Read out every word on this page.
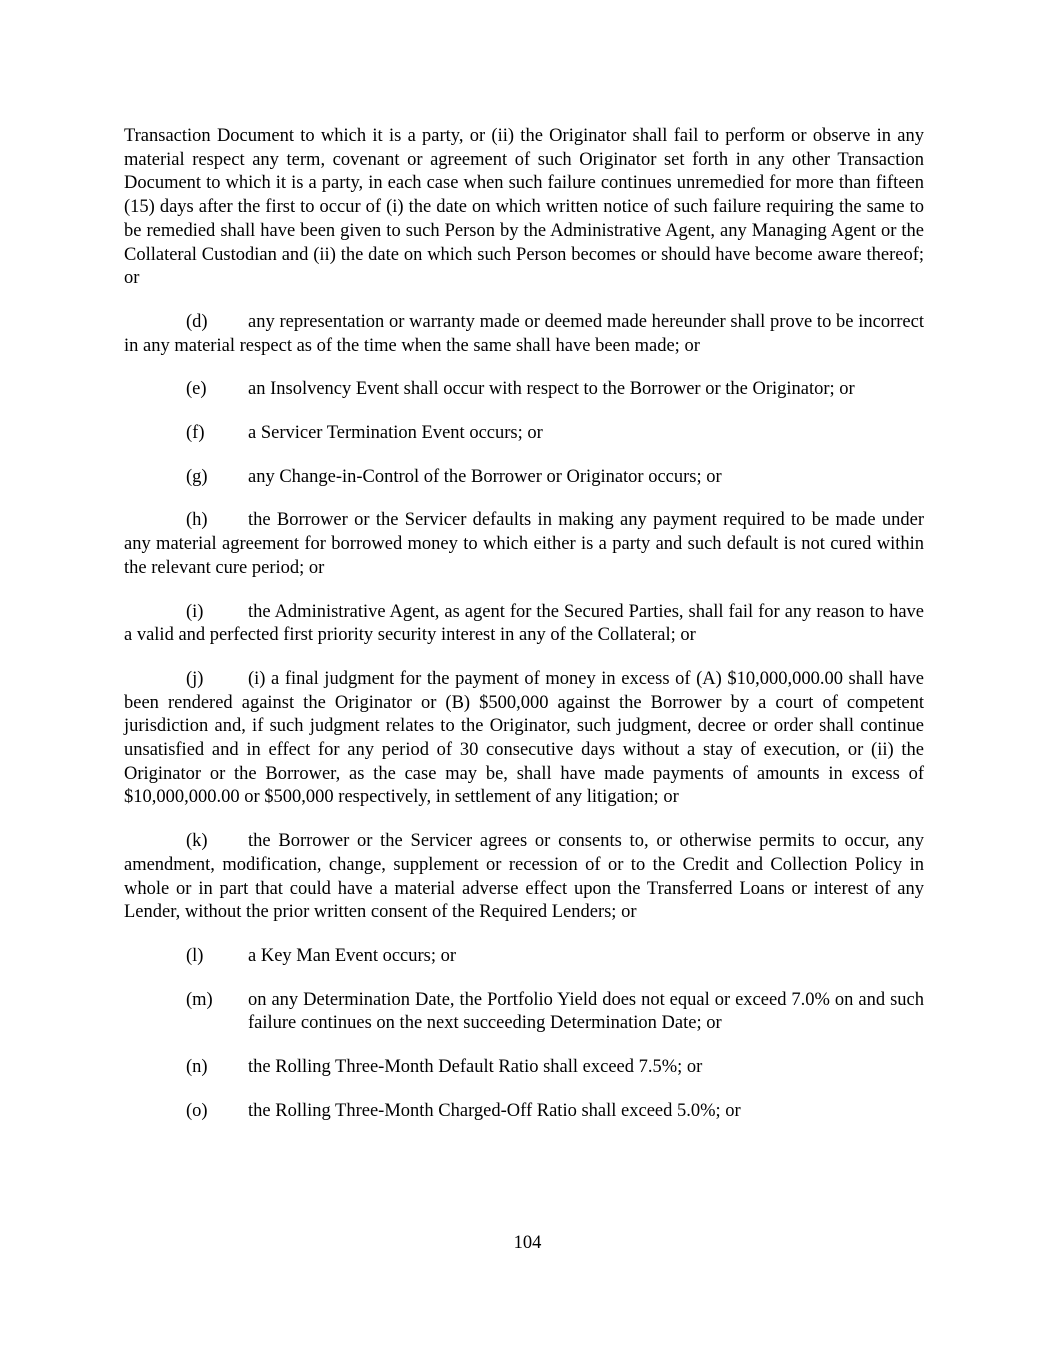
Transaction Document to which it is a party, or (ii) the Originator shall fail to perform or observe in any material respect any term, covenant or agreement of such Originator set forth in any other Transaction Document to which it is a party, in each case when such failure continues unremedied for more than fifteen (15) days after the first to occur of (i) the date on which written notice of such failure requiring the same to be remedied shall have been given to such Person by the Administrative Agent, any Managing Agent or the Collateral Custodian and (ii) the date on which such Person becomes or should have become aware thereof; or

(d) any representation or warranty made or deemed made hereunder shall prove to be incorrect in any material respect as of the time when the same shall have been made; or

(e) an Insolvency Event shall occur with respect to the Borrower or the Originator; or

(f) a Servicer Termination Event occurs; or

(g) any Change-in-Control of the Borrower or Originator occurs; or

(h) the Borrower or the Servicer defaults in making any payment required to be made under any material agreement for borrowed money to which either is a party and such default is not cured within the relevant cure period; or

(i) the Administrative Agent, as agent for the Secured Parties, shall fail for any reason to have a valid and perfected first priority security interest in any of the Collateral; or

(j) (i) a final judgment for the payment of money in excess of (A) $10,000,000.00 shall have been rendered against the Originator or (B) $500,000 against the Borrower by a court of competent jurisdiction and, if such judgment relates to the Originator, such judgment, decree or order shall continue unsatisfied and in effect for any period of 30 consecutive days without a stay of execution, or (ii) the Originator or the Borrower, as the case may be, shall have made payments of amounts in excess of $10,000,000.00 or $500,000 respectively, in settlement of any litigation; or

(k) the Borrower or the Servicer agrees or consents to, or otherwise permits to occur, any amendment, modification, change, supplement or recession of or to the Credit and Collection Policy in whole or in part that could have a material adverse effect upon the Transferred Loans or interest of any Lender, without the prior written consent of the Required Lenders; or

(l) a Key Man Event occurs; or

(m) on any Determination Date, the Portfolio Yield does not equal or exceed 7.0% on and such failure continues on the next succeeding Determination Date; or

(n) the Rolling Three-Month Default Ratio shall exceed 7.5%; or

(o) the Rolling Three-Month Charged-Off Ratio shall exceed 5.0%; or

104
